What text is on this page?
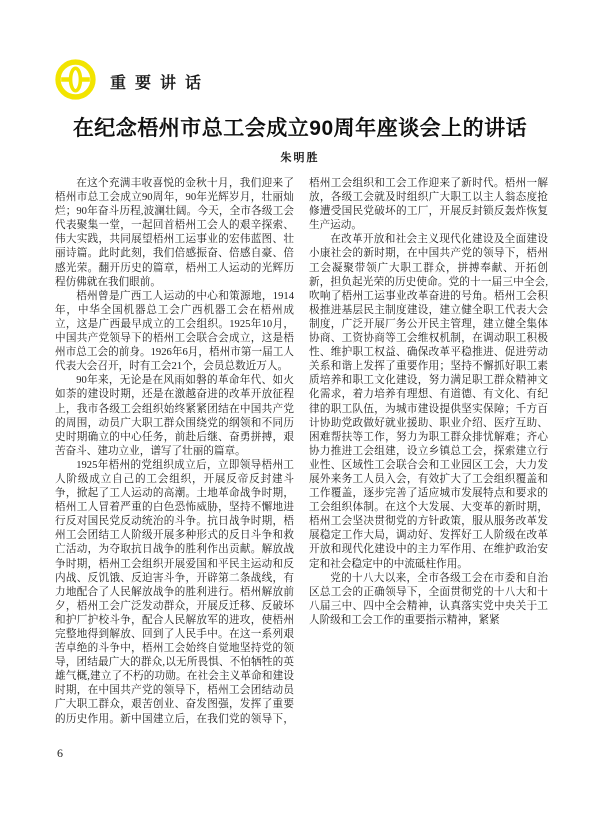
重要讲话
在纪念梧州市总工会成立90周年座谈会上的讲话
朱明胜

在这个充满丰收喜悦的金秋十月，我们迎来了梧州市总工会成立90周年，90年光辉岁月，壮丽灿烂；90年奋斗历程,波澜壮阔。今天，全市各级工会代表聚集一堂，一起回首梧州工会人的艰辛探索、伟大实践，共同展望梧州工运事业的宏伟蓝图、壮丽诗篇。此时此刻，我们倍感振奋、倍感自豪、倍感光荣。翻开历史的篇章，梧州工人运动的光辉历程仿佛就在我们眼前。

梧州曾是广西工人运动的中心和策源地，1914年，中华全国机器总工会广西机器工会在梧州成立，这是广西最早成立的工会组织。1925年10月，中国共产党领导下的梧州工会联合会成立，这是梧州市总工会的前身。1926年6月，梧州市第一届工人代表大会召开，时有工会21个，会员总数近万人。

90年来，无论是在风雨如磐的革命年代、如火如荼的建设时期，还是在激越奋进的改革开放征程上，我市各级工会组织始终紧紧团结在中国共产党的周围，动员广大职工群众围绕党的纲领和不同历史时期确立的中心任务，前赴后继、奋勇拼搏，艰苦奋斗、建功立业，谱写了壮丽的篇章。

1925年梧州的党组织成立后，立即领导梧州工人阶级成立自己的工会组织，开展反帝反封建斗争，掀起了工人运动的高潮。土地革命战争时期，梧州工人冒着严重的白色恐怖威胁，坚持不懈地进行反对国民党反动统治的斗争。抗日战争时期，梧州工会团结工人阶级开展多种形式的反日斗争和救亡活动，为夺取抗日战争的胜利作出贡献。解放战争时期，梧州工会组织开展爱国和平民主运动和反内战、反饥饿、反迫害斗争，开辟第二条战线，有力地配合了人民解放战争的胜利进行。梧州解放前夕，梧州工会广泛发动群众，开展反迁移、反破坏和护厂护校斗争，配合人民解放军的进攻，使梧州完整地得到解放、回到了人民手中。在这一系列艰苦卓绝的斗争中，梧州工会始终自觉地坚持党的领导，团结最广大的群众,以无所畏惧、不怕牺牲的英雄气概,建立了不朽的功勋。在社会主义革命和建设时期，在中国共产党的领导下，梧州工会团结动员广大职工群众，艰苦创业、奋发图强，发挥了重要的历史作用。新中国建立后，在我们党的领导下，梧州工会组织和工会工作迎来了新时代。梧州一解放，各级工会就及时组织广大职工以主人翁态度抢修遭受国民党破坏的工厂，开展反封锁反轰炸恢复生产运动。

在改革开放和社会主义现代化建设及全面建设小康社会的新时期，在中国共产党的领导下，梧州工会凝聚带领广大职工群众，拼搏奉献、开拓创新，担负起光荣的历史使命。党的十一届三中全会,吹响了梧州工运事业改革奋进的号角。梧州工会积极推进基层民主制度建设，建立健全职工代表大会制度，广泛开展厂务公开民主管理，建立健全集体协商、工资协商等工会维权机制，在调动职工积极性、维护职工权益、确保改革平稳推进、促进劳动关系和谐上发挥了重要作用；坚持不懈抓好职工素质培养和职工文化建设，努力满足职工群众精神文化需求，着力培养有理想、有道德、有文化、有纪律的职工队伍，为城市建设提供坚实保障；千方百计协助党政做好就业援助、职业介绍、医疗互助、困难帮扶等工作，努力为职工群众排忧解难；齐心协力推进工会组建，设立乡镇总工会，探索建立行业性、区域性工会联合会和工业园区工会，大力发展外来务工人员入会，有效扩大了工会组织覆盖和工作覆盖，逐步完善了适应城市发展特点和要求的工会组织体制。在这个大发展、大变革的新时期，梧州工会坚决贯彻党的方针政策，服从服务改革发展稳定工作大局，调动好、发挥好工人阶级在改革开放和现代化建设中的主力军作用、在维护政治安定和社会稳定中的中流砥柱作用。

党的十八大以来，全市各级工会在市委和自治区总工会的正确领导下，全面贯彻党的十八大和十八届三中、四中全会精神，认真落实党中央关于工人阶级和工会工作的重要指示精神，紧紧

6
